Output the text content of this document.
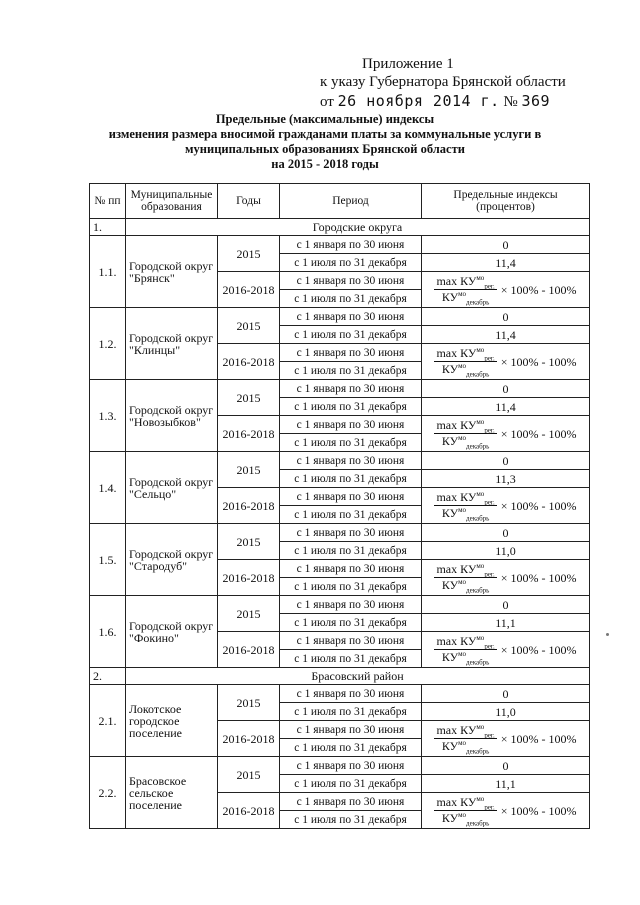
Приложение 1
к указу Губернатора Брянской области
от 26 ноября 2014 г. № 369
Предельные (максимальные) индексы
изменения размера вносимой гражданами платы за коммунальные услуги в
муниципальных образованиях Брянской области
на 2015 - 2018 годы
№ пп	Муниципальные образования	Годы	Период	Предельные индексы (процентов)
1.	Городские округа			
1.1.	Городской округ "Брянск"	2015	с 1 января по 30 июня	0
			с 1 июля по 31 декабря	11,4
		2016-2018	с 1 января по 30 июня	$\frac{\max КУ^{мо}_{рег.}}{КУ^{мо}_{декабрь}} \times 100\% - 100\%$

			с 1 июля по 31 декабря	
1.2.	Городской округ "Клинцы"	2015	с 1 января по 30 июня	0
			с 1 июля по 31 декабря	11,4
		2016-2018	с 1 января по 30 июня	$\frac{\max КУ^{мо}_{рег.}}{КУ^{мо}_{декабрь}} \times 100\% - 100\%$

			с 1 июля по 31 декабря	
1.3.	Городской округ "Новозыбков"	2015	с 1 января по 30 июня	0
			с 1 июля по 31 декабря	11,4
		2016-2018	с 1 января по 30 июня	$\frac{\max КУ^{мо}_{рег.}}{КУ^{мо}_{декабрь}} \times 100\% - 100\%$

			с 1 июля по 31 декабря	
1.4.	Городской округ "Сельцо"	2015	с 1 января по 30 июня	0
			с 1 июля по 31 декабря	11,3
		2016-2018	с 1 января по 30 июня	$\frac{\max КУ^{мо}_{рег.}}{КУ^{мо}_{декабрь}} \times 100\% - 100\%$

			с 1 июля по 31 декабря	
1.5.	Городской округ "Стародуб"	2015	с 1 января по 30 июня	0
			с 1 июля по 31 декабря	11,0
		2016-2018	с 1 января по 30 июня	$\frac{\max КУ^{мо}_{рег.}}{КУ^{мо}_{декабрь}} \times 100\% - 100\%$

			с 1 июля по 31 декабря	
1.6.	Городской округ "Фокино"	2015	с 1 января по 30 июня	0
			с 1 июля по 31 декабря	11,1
		2016-2018	с 1 января по 30 июня	$\frac{\max КУ^{мо}_{рег.}}{КУ^{мо}_{декабрь}} \times 100\% - 100\%$

			с 1 июля по 31 декабря	
2.	Брасовский район			
2.1.	Локотское городское поселение	2015	с 1 января по 30 июня	0
			с 1 июля по 31 декабря	11,0
		2016-2018	с 1 января по 30 июня	$\frac{\max КУ^{мо}_{рег.}}{КУ^{мо}_{декабрь}} \times 100\% - 100\%$

			с 1 июля по 31 декабря	
2.2.	Брасовское сельское поселение	2015	с 1 января по 30 июня	0
			с 1 июля по 31 декабря	11,1
		2016-2018	с 1 января по 30 июня	$\frac{\max КУ^{мо}_{рег.}}{КУ^{мо}_{декабрь}} \times 100\% - 100\%$

			с 1 июля по 31 декабря	
